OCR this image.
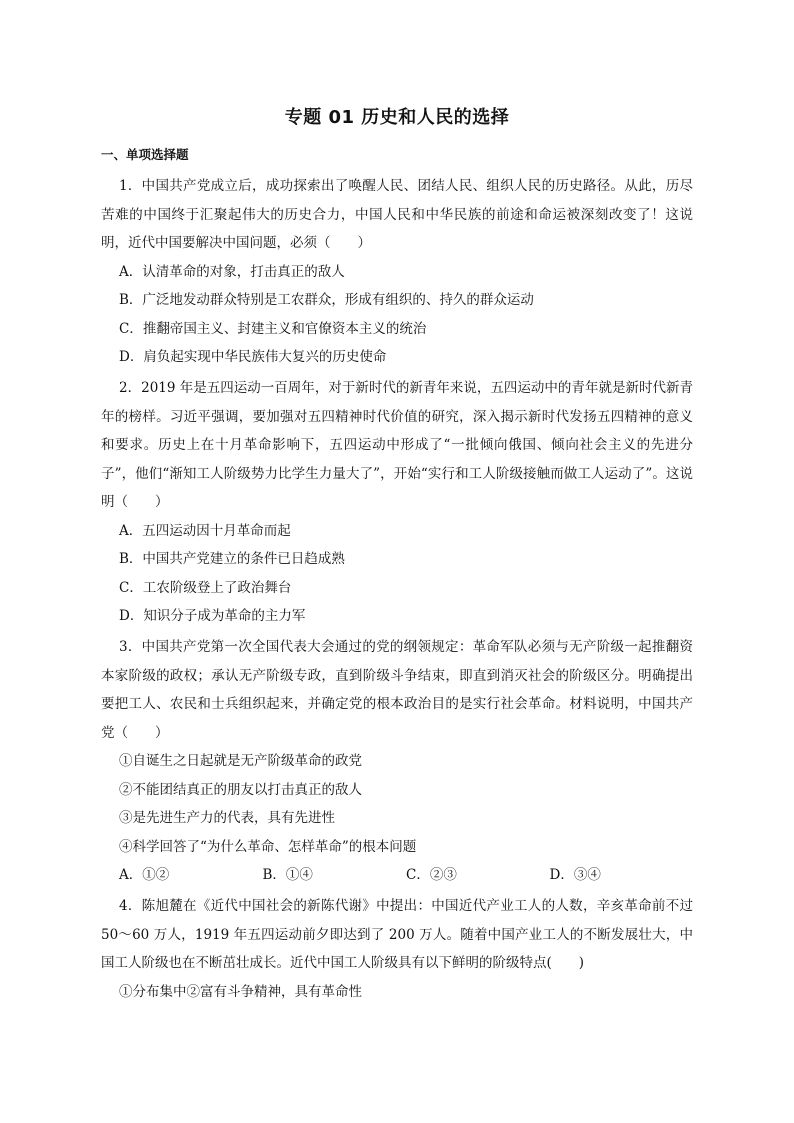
专题 01 历史和人民的选择
一、单项选择题

1．中国共产党成立后，成功探索出了唤醒人民、团结人民、组织人民的历史路径。从此，历尽苦难的中国终于汇聚起伟大的历史合力，中国人民和中华民族的前途和命运被深刻改变了！这说明，近代中国要解决中国问题，必须（　　）

A．认清革命的对象，打击真正的敌人

B．广泛地发动群众特别是工农群众，形成有组织的、持久的群众运动

C．推翻帝国主义、封建主义和官僚资本主义的统治

D．肩负起实现中华民族伟大复兴的历史使命

2．2019 年是五四运动一百周年，对于新时代的新青年来说，五四运动中的青年就是新时代新青年的榜样。习近平强调，要加强对五四精神时代价值的研究，深入揭示新时代发扬五四精神的意义和要求。历史上在十月革命影响下，五四运动中形成了“一批倾向俄国、倾向社会主义的先进分子”，他们“渐知工人阶级势力比学生力量大了”，开始“实行和工人阶级接触而做工人运动了”。这说明（　　）

A．五四运动因十月革命而起

B．中国共产党建立的条件已日趋成熟

C．工农阶级登上了政治舞台

D．知识分子成为革命的主力军

3．中国共产党第一次全国代表大会通过的党的纲领规定：革命军队必须与无产阶级一起推翻资本家阶级的政权；承认无产阶级专政，直到阶级斗争结束，即直到消灭社会的阶级区分。明确提出要把工人、农民和士兵组织起来，并确定党的根本政治目的是实行社会革命。材料说明，中国共产党（　　）

①自诞生之日起就是无产阶级革命的政党

②不能团结真正的朋友以打击真正的敌人

③是先进生产力的代表，具有先进性

④科学回答了“为什么革命、怎样革命”的根本问题

A．①②	B．①④	C．②③	D．③④

4．陈旭麓在《近代中国社会的新陈代谢》中提出：中国近代产业工人的人数，辛亥革命前不过 50～60 万人，1919 年五四运动前夕即达到了 200 万人。随着中国产业工人的不断发展壮大，中国工人阶级也在不断茁壮成长。近代中国工人阶级具有以下鲜明的阶级特点(　　)

①分布集中②富有斗争精神，具有革命性
